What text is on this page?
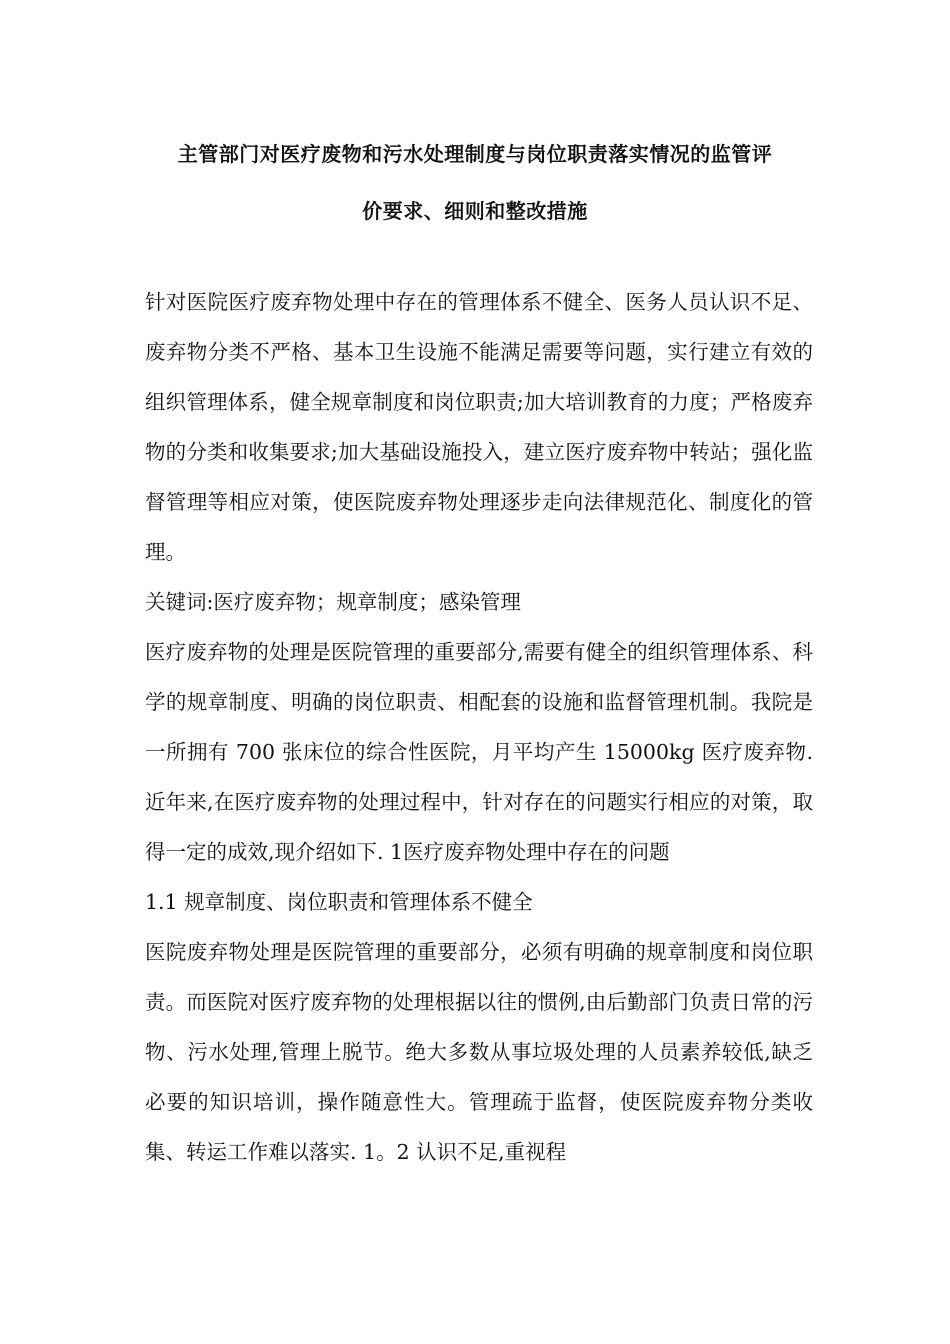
主管部门对医疗废物和污水处理制度与岗位职责落实情况的监管评
价要求、细则和整改措施

针对医院医疗废弃物处理中存在的管理体系不健全、医务人员认识不足、废弃物分类不严格、基本卫生设施不能满足需要等问题，实行建立有效的组织管理体系，健全规章制度和岗位职责;加大培训教育的力度；严格废弃物的分类和收集要求;加大基础设施投入，建立医疗废弃物中转站；强化监督管理等相应对策，使医院废弃物处理逐步走向法律规范化、制度化的管理。

关键词:医疗废弃物；规章制度；感染管理

医疗废弃物的处理是医院管理的重要部分,需要有健全的组织管理体系、科学的规章制度、明确的岗位职责、相配套的设施和监督管理机制。我院是一所拥有 700 张床位的综合性医院，月平均产生 15000kg 医疗废弃物.近年来,在医疗废弃物的处理过程中，针对存在的问题实行相应的对策，取得一定的成效,现介绍如下. 1医疗废弃物处理中存在的问题

1.1 规章制度、岗位职责和管理体系不健全

医院废弃物处理是医院管理的重要部分，必须有明确的规章制度和岗位职责。而医院对医疗废弃物的处理根据以往的惯例,由后勤部门负责日常的污物、污水处理,管理上脱节。绝大多数从事垃圾处理的人员素养较低,缺乏必要的知识培训，操作随意性大。管理疏于监督，使医院废弃物分类收集、转运工作难以落实. 1。2 认识不足,重视程
